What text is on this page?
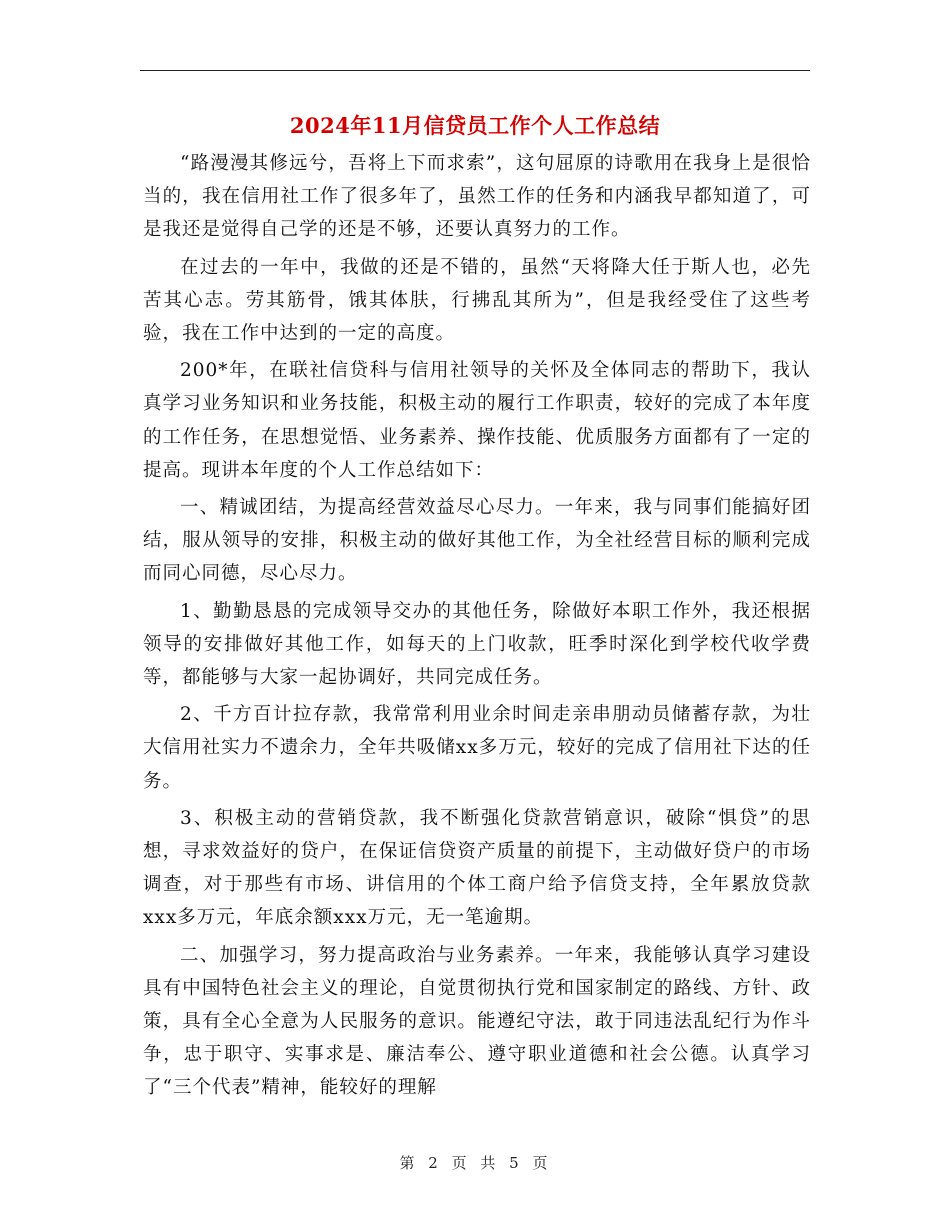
2024年11月信贷员工作个人工作总结

“路漫漫其修远兮，吾将上下而求索”，这句屈原的诗歌用在我身上是很恰当的，我在信用社工作了很多年了，虽然工作的任务和内涵我早都知道了，可是我还是觉得自己学的还是不够，还要认真努力的工作。

在过去的一年中，我做的还是不错的，虽然“天将降大任于斯人也，必先苦其心志。劳其筋骨，饿其体肤，行拂乱其所为”，但是我经受住了这些考验，我在工作中达到的一定的高度。

200*年，在联社信贷科与信用社领导的关怀及全体同志的帮助下，我认真学习业务知识和业务技能，积极主动的履行工作职责，较好的完成了本年度的工作任务，在思想觉悟、业务素养、操作技能、优质服务方面都有了一定的提高。现讲本年度的个人工作总结如下：

一、精诚团结，为提高经营效益尽心尽力。一年来，我与同事们能搞好团结，服从领导的安排，积极主动的做好其他工作，为全社经营目标的顺利完成而同心同德，尽心尽力。

1、勤勤恳恳的完成领导交办的其他任务，除做好本职工作外，我还根据领导的安排做好其他工作，如每天的上门收款，旺季时深化到学校代收学费等，都能够与大家一起协调好，共同完成任务。

2、千方百计拉存款，我常常利用业余时间走亲串朋动员储蓄存款，为壮大信用社实力不遗余力，全年共吸储xx多万元，较好的完成了信用社下达的任务。

3、积极主动的营销贷款，我不断强化贷款营销意识，破除“惧贷”的思想，寻求效益好的贷户，在保证信贷资产质量的前提下，主动做好贷户的市场调查，对于那些有市场、讲信用的个体工商户给予信贷支持，全年累放贷款xxx多万元，年底余额xxx万元，无一笔逾期。

二、加强学习，努力提高政治与业务素养。一年来，我能够认真学习建设具有中国特色社会主义的理论，自觉贯彻执行党和国家制定的路线、方针、政策，具有全心全意为人民服务的意识。能遵纪守法，敢于同违法乱纪行为作斗争，忠于职守、实事求是、廉洁奉公、遵守职业道德和社会公德。认真学习了“三个代表”精神，能较好的理解

第 2 页 共 5 页
